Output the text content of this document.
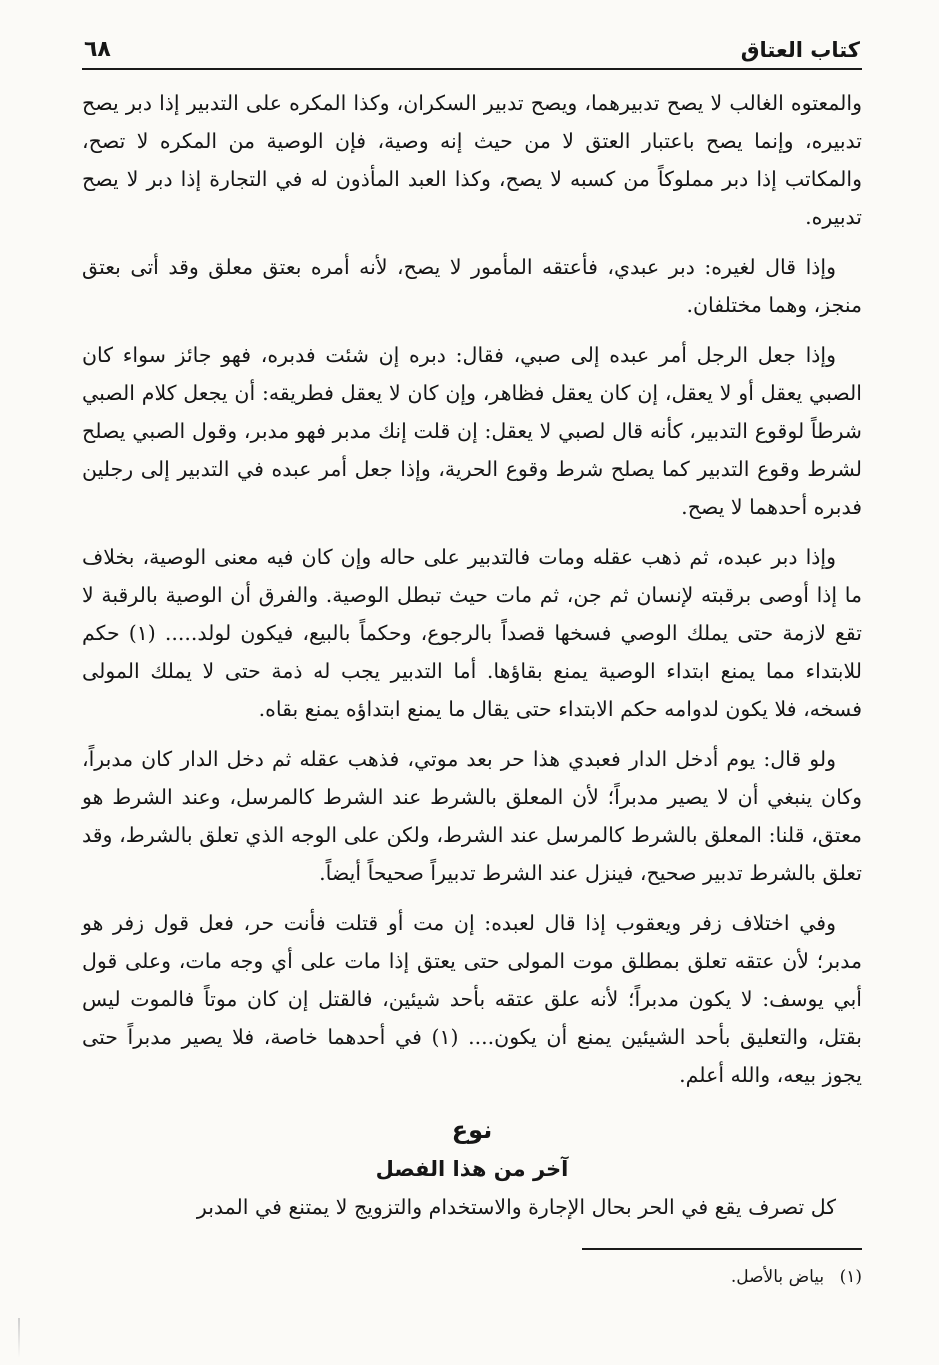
كتاب العتاق
٦٨

والمعتوه الغالب لا يصح تدبيرهما، ويصح تدبير السكران، وكذا المكره على التدبير إذا دبر يصح تدبيره، وإنما يصح باعتبار العتق لا من حيث إنه وصية، فإن الوصية من المكره لا تصح، والمكاتب إذا دبر مملوكاً من كسبه لا يصح، وكذا العبد المأذون له في التجارة إذا دبر لا يصح تدبيره.

وإذا قال لغيره: دبر عبدي، فأعتقه المأمور لا يصح، لأنه أمره بعتق معلق وقد أتى بعتق منجز، وهما مختلفان.

وإذا جعل الرجل أمر عبده إلى صبي، فقال: دبره إن شئت فدبره، فهو جائز سواء كان الصبي يعقل أو لا يعقل، إن كان يعقل فظاهر، وإن كان لا يعقل فطريقه: أن يجعل كلام الصبي شرطاً لوقوع التدبير، كأنه قال لصبي لا يعقل: إن قلت إنك مدبر فهو مدبر، وقول الصبي يصلح لشرط وقوع التدبير كما يصلح شرط وقوع الحرية، وإذا جعل أمر عبده في التدبير إلى رجلين فدبره أحدهما لا يصح.

وإذا دبر عبده، ثم ذهب عقله ومات فالتدبير على حاله وإن كان فيه معنى الوصية، بخلاف ما إذا أوصى برقبته لإنسان ثم جن، ثم مات حيث تبطل الوصية. والفرق أن الوصية بالرقبة لا تقع لازمة حتى يملك الوصي فسخها قصداً بالرجوع، وحكماً بالبيع، فيكون لولد..... (١) حكم للابتداء مما يمنع ابتداء الوصية يمنع بقاؤها. أما التدبير يجب له ذمة حتى لا يملك المولى فسخه، فلا يكون لدوامه حكم الابتداء حتى يقال ما يمنع ابتداؤه يمنع بقاه.

ولو قال: يوم أدخل الدار فعبدي هذا حر بعد موتي، فذهب عقله ثم دخل الدار كان مدبراً، وكان ينبغي أن لا يصير مدبراً؛ لأن المعلق بالشرط عند الشرط كالمرسل، وعند الشرط هو معتق، قلنا: المعلق بالشرط كالمرسل عند الشرط، ولكن على الوجه الذي تعلق بالشرط، وقد تعلق بالشرط تدبير صحيح، فينزل عند الشرط تدبيراً صحيحاً أيضاً.

وفي اختلاف زفر ويعقوب إذا قال لعبده: إن مت أو قتلت فأنت حر، فعل قول زفر هو مدبر؛ لأن عتقه تعلق بمطلق موت المولى حتى يعتق إذا مات على أي وجه مات، وعلى قول أبي يوسف: لا يكون مدبراً؛ لأنه علق عتقه بأحد شيئين، فالقتل إن كان موتاً فالموت ليس بقتل، والتعليق بأحد الشيئين يمنع أن يكون.... (١) في أحدهما خاصة، فلا يصير مدبراً حتى يجوز بيعه، والله أعلم.

نوع
آخر من هذا الفصل

كل تصرف يقع في الحر بحال الإجارة والاستخدام والتزويج لا يمتنع في المدبر

(١) بياض بالأصل.
